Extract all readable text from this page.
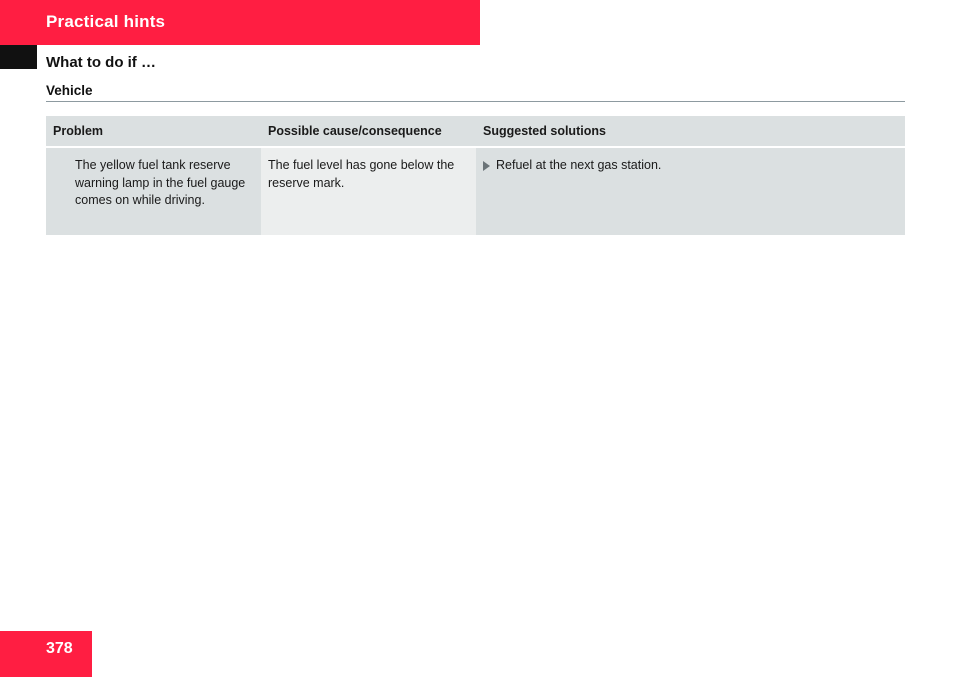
Practical hints
What to do if …
Vehicle
Problem	Possible cause/consequence	Suggested solutions
The yellow fuel tank reserve warning lamp in the fuel gauge comes on while driving.	The fuel level has gone below the reserve mark.	Refuel at the next gas station.
378
